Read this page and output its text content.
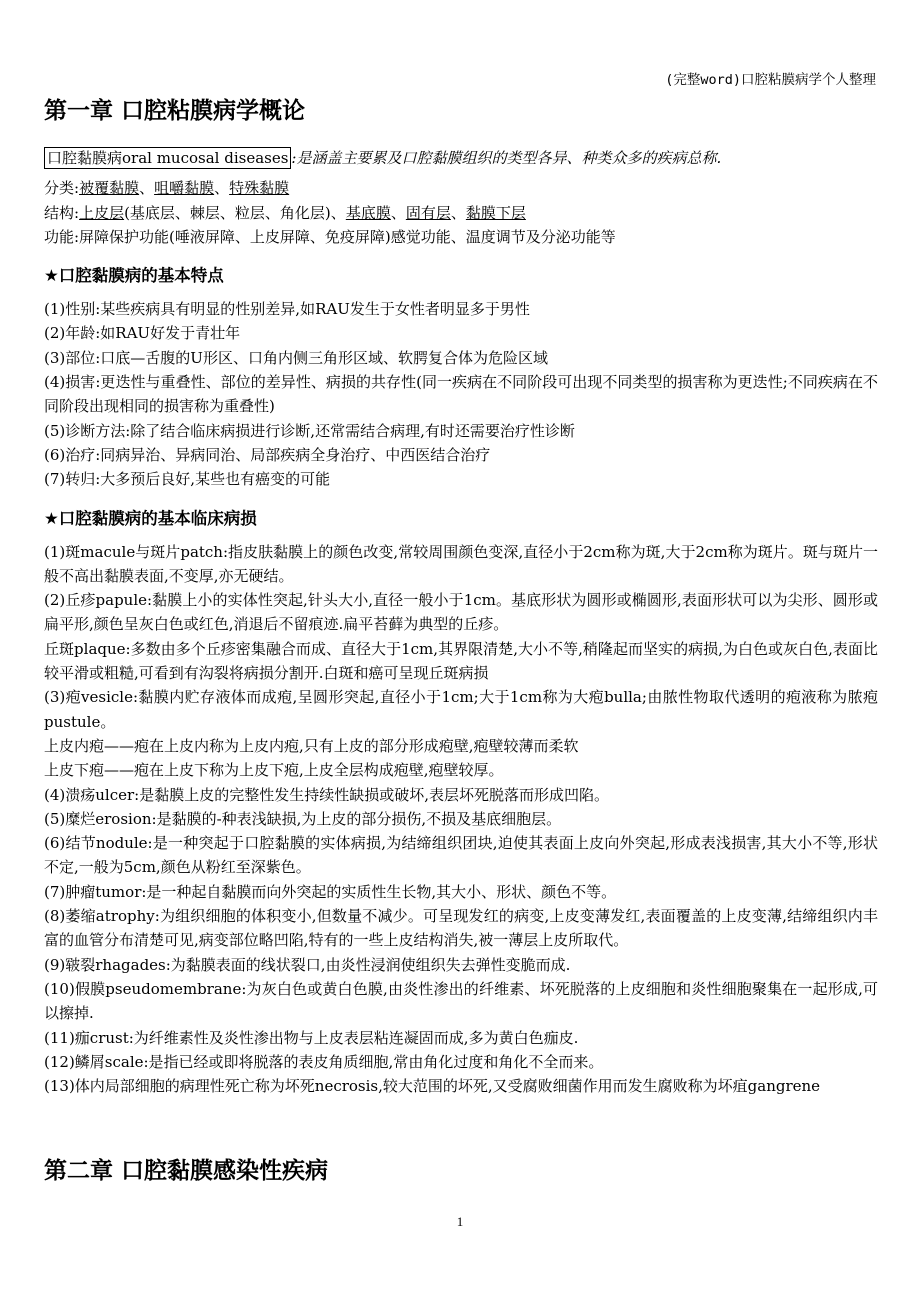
(完整word)口腔粘膜病学个人整理
第一章 口腔粘膜病学概论

口腔黏膜病oral mucosal diseases :是涵盖主要累及口腔黏膜组织的类型各异、种类众多的疾病总称.

分类:被覆黏膜、咀嚼黏膜、特殊黏膜

结构:上皮层(基底层、棘层、粒层、角化层)、基底膜、固有层、黏膜下层

功能:屏障保护功能(唾液屏障、上皮屏障、免疫屏障)感觉功能、温度调节及分泌功能等

★口腔黏膜病的基本特点

(1)性别:某些疾病具有明显的性别差异,如RAU发生于女性者明显多于男性

(2)年龄:如RAU好发于青壮年

(3)部位:口底—舌腹的U形区、口角内侧三角形区域、软腭复合体为危险区域

(4)损害:更迭性与重叠性、部位的差异性、病损的共存性(同一疾病在不同阶段可出现不同类型的损害称为更迭性;不同疾病在不同阶段出现相同的损害称为重叠性)

(5)诊断方法:除了结合临床病损进行诊断,还常需结合病理,有时还需要治疗性诊断

(6)治疗:同病异治、异病同治、局部疾病全身治疗、中西医结合治疗

(7)转归:大多预后良好,某些也有癌变的可能

★口腔黏膜病的基本临床病损

(1)斑macule与斑片patch:指皮肤黏膜上的颜色改变,常较周围颜色变深,直径小于2cm称为斑,大于2cm称为斑片。斑与斑片一般不高出黏膜表面,不变厚,亦无硬结。

(2)丘疹papule:黏膜上小的实体性突起,针头大小,直径一般小于1cm。基底形状为圆形或椭圆形,表面形状可以为尖形、圆形或扁平形,颜色呈灰白色或红色,消退后不留痕迹.扁平苔藓为典型的丘疹。

丘斑plaque:多数由多个丘疹密集融合而成、直径大于1cm,其界限清楚,大小不等,稍隆起而坚实的病损,为白色或灰白色,表面比较平滑或粗糙,可看到有沟裂将病损分割开.白斑和癌可呈现丘斑病损

(3)疱vesicle:黏膜内贮存液体而成疱,呈圆形突起,直径小于1cm;大于1cm称为大疱bulla;由脓性物取代透明的疱液称为脓疱pustule。

上皮内疱——疱在上皮内称为上皮内疱,只有上皮的部分形成疱壁,疱壁较薄而柔软

上皮下疱——疱在上皮下称为上皮下疱,上皮全层构成疱壁,疱壁较厚。

(4)溃疡ulcer:是黏膜上皮的完整性发生持续性缺损或破坏,表层坏死脱落而形成凹陷。

(5)糜烂erosion:是黏膜的-种表浅缺损,为上皮的部分损伤,不损及基底细胞层。

(6)结节nodule:是一种突起于口腔黏膜的实体病损,为结缔组织团块,迫使其表面上皮向外突起,形成表浅损害,其大小不等,形状不定,一般为5cm,颜色从粉红至深紫色。

(7)肿瘤tumor:是一种起自黏膜而向外突起的实质性生长物,其大小、形状、颜色不等。

(8)萎缩atrophy:为组织细胞的体积变小,但数量不减少。可呈现发红的病变,上皮变薄发红,表面覆盖的上皮变薄,结缔组织内丰富的血管分布清楚可见,病变部位略凹陷,特有的一些上皮结构消失,被一薄层上皮所取代。

(9)皲裂rhagades:为黏膜表面的线状裂口,由炎性浸润使组织失去弹性变脆而成.

(10)假膜pseudomembrane:为灰白色或黄白色膜,由炎性渗出的纤维素、坏死脱落的上皮细胞和炎性细胞聚集在一起形成,可以擦掉.

(11)痂crust:为纤维素性及炎性渗出物与上皮表层粘连凝固而成,多为黄白色痂皮.

(12)鳞屑scale:是指已经或即将脱落的表皮角质细胞,常由角化过度和角化不全而来。

(13)体内局部细胞的病理性死亡称为坏死necrosis,较大范围的坏死,又受腐败细菌作用而发生腐败称为坏疽gangrene

第二章 口腔黏膜感染性疾病
1
